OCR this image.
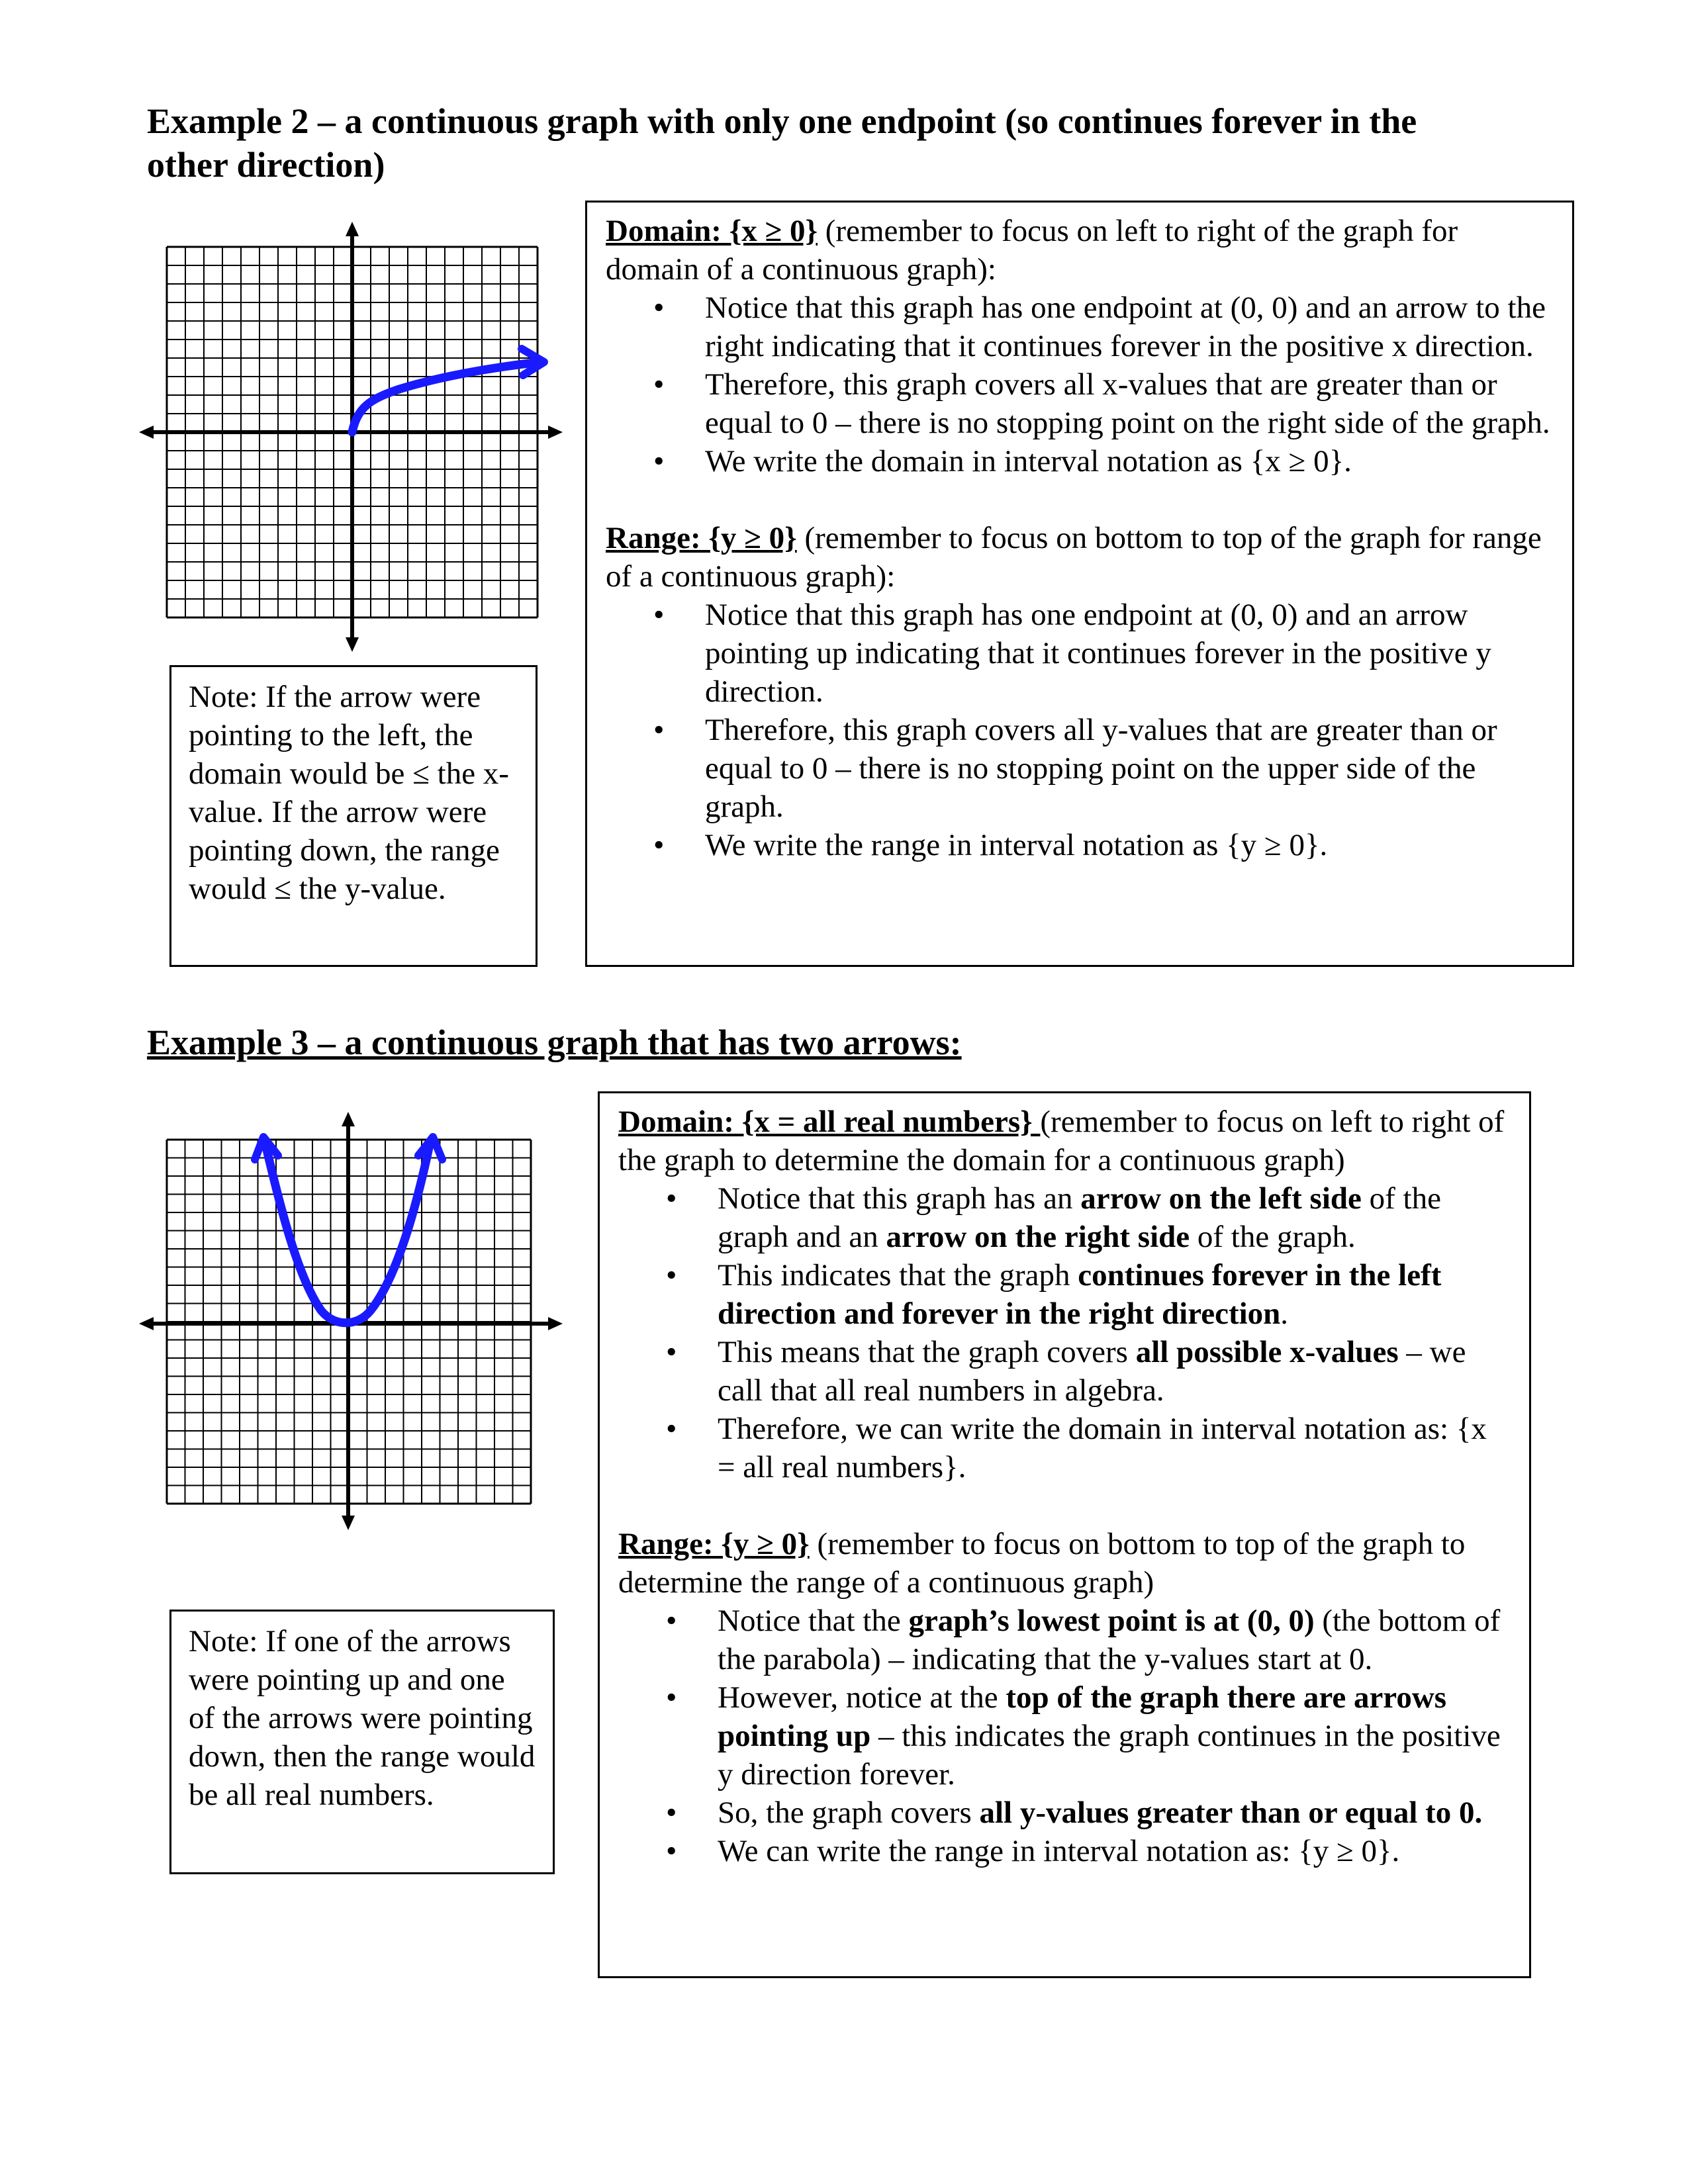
Example 2 – a continuous graph with only one endpoint (so continues forever in the
other direction)
Note: If the arrow were pointing to the left, the domain would be ≤ the x-value. If the arrow were pointing down, the range would ≤ the y-value.
Domain: {x ≥ 0} (remember to focus on left to right of the graph for domain of a continuous graph):
• Notice that this graph has one endpoint at (0, 0) and an arrow to the right indicating that it continues forever in the positive x direction.
• Therefore, this graph covers all x-values that are greater than or equal to 0 – there is no stopping point on the right side of the graph.
• We write the domain in interval notation as {x ≥ 0}.
Range: {y ≥ 0} (remember to focus on bottom to top of the graph for range of a continuous graph):
• Notice that this graph has one endpoint at (0, 0) and an arrow pointing up indicating that it continues forever in the positive y direction.
• Therefore, this graph covers all y-values that are greater than or equal to 0 – there is no stopping point on the upper side of the graph.
• We write the range in interval notation as {y ≥ 0}.
Example 3 – a continuous graph that has two arrows:
Note: If one of the arrows were pointing up and one of the arrows were pointing down, then the range would be all real numbers.
Domain: {x = all real numbers} (remember to focus on left to right of the graph to determine the domain for a continuous graph)
• Notice that this graph has an arrow on the left side of the graph and an arrow on the right side of the graph.
• This indicates that the graph continues forever in the left direction and forever in the right direction.
• This means that the graph covers all possible x-values – we call that all real numbers in algebra.
• Therefore, we can write the domain in interval notation as: {x = all real numbers}.
Range: {y ≥ 0} (remember to focus on bottom to top of the graph to determine the range of a continuous graph)
• Notice that the graph’s lowest point is at (0, 0) (the bottom of the parabola) – indicating that the y-values start at 0.
• However, notice at the top of the graph there are arrows pointing up – this indicates the graph continues in the positive y direction forever.
• So, the graph covers all y-values greater than or equal to 0.
• We can write the range in interval notation as: {y ≥ 0}.
